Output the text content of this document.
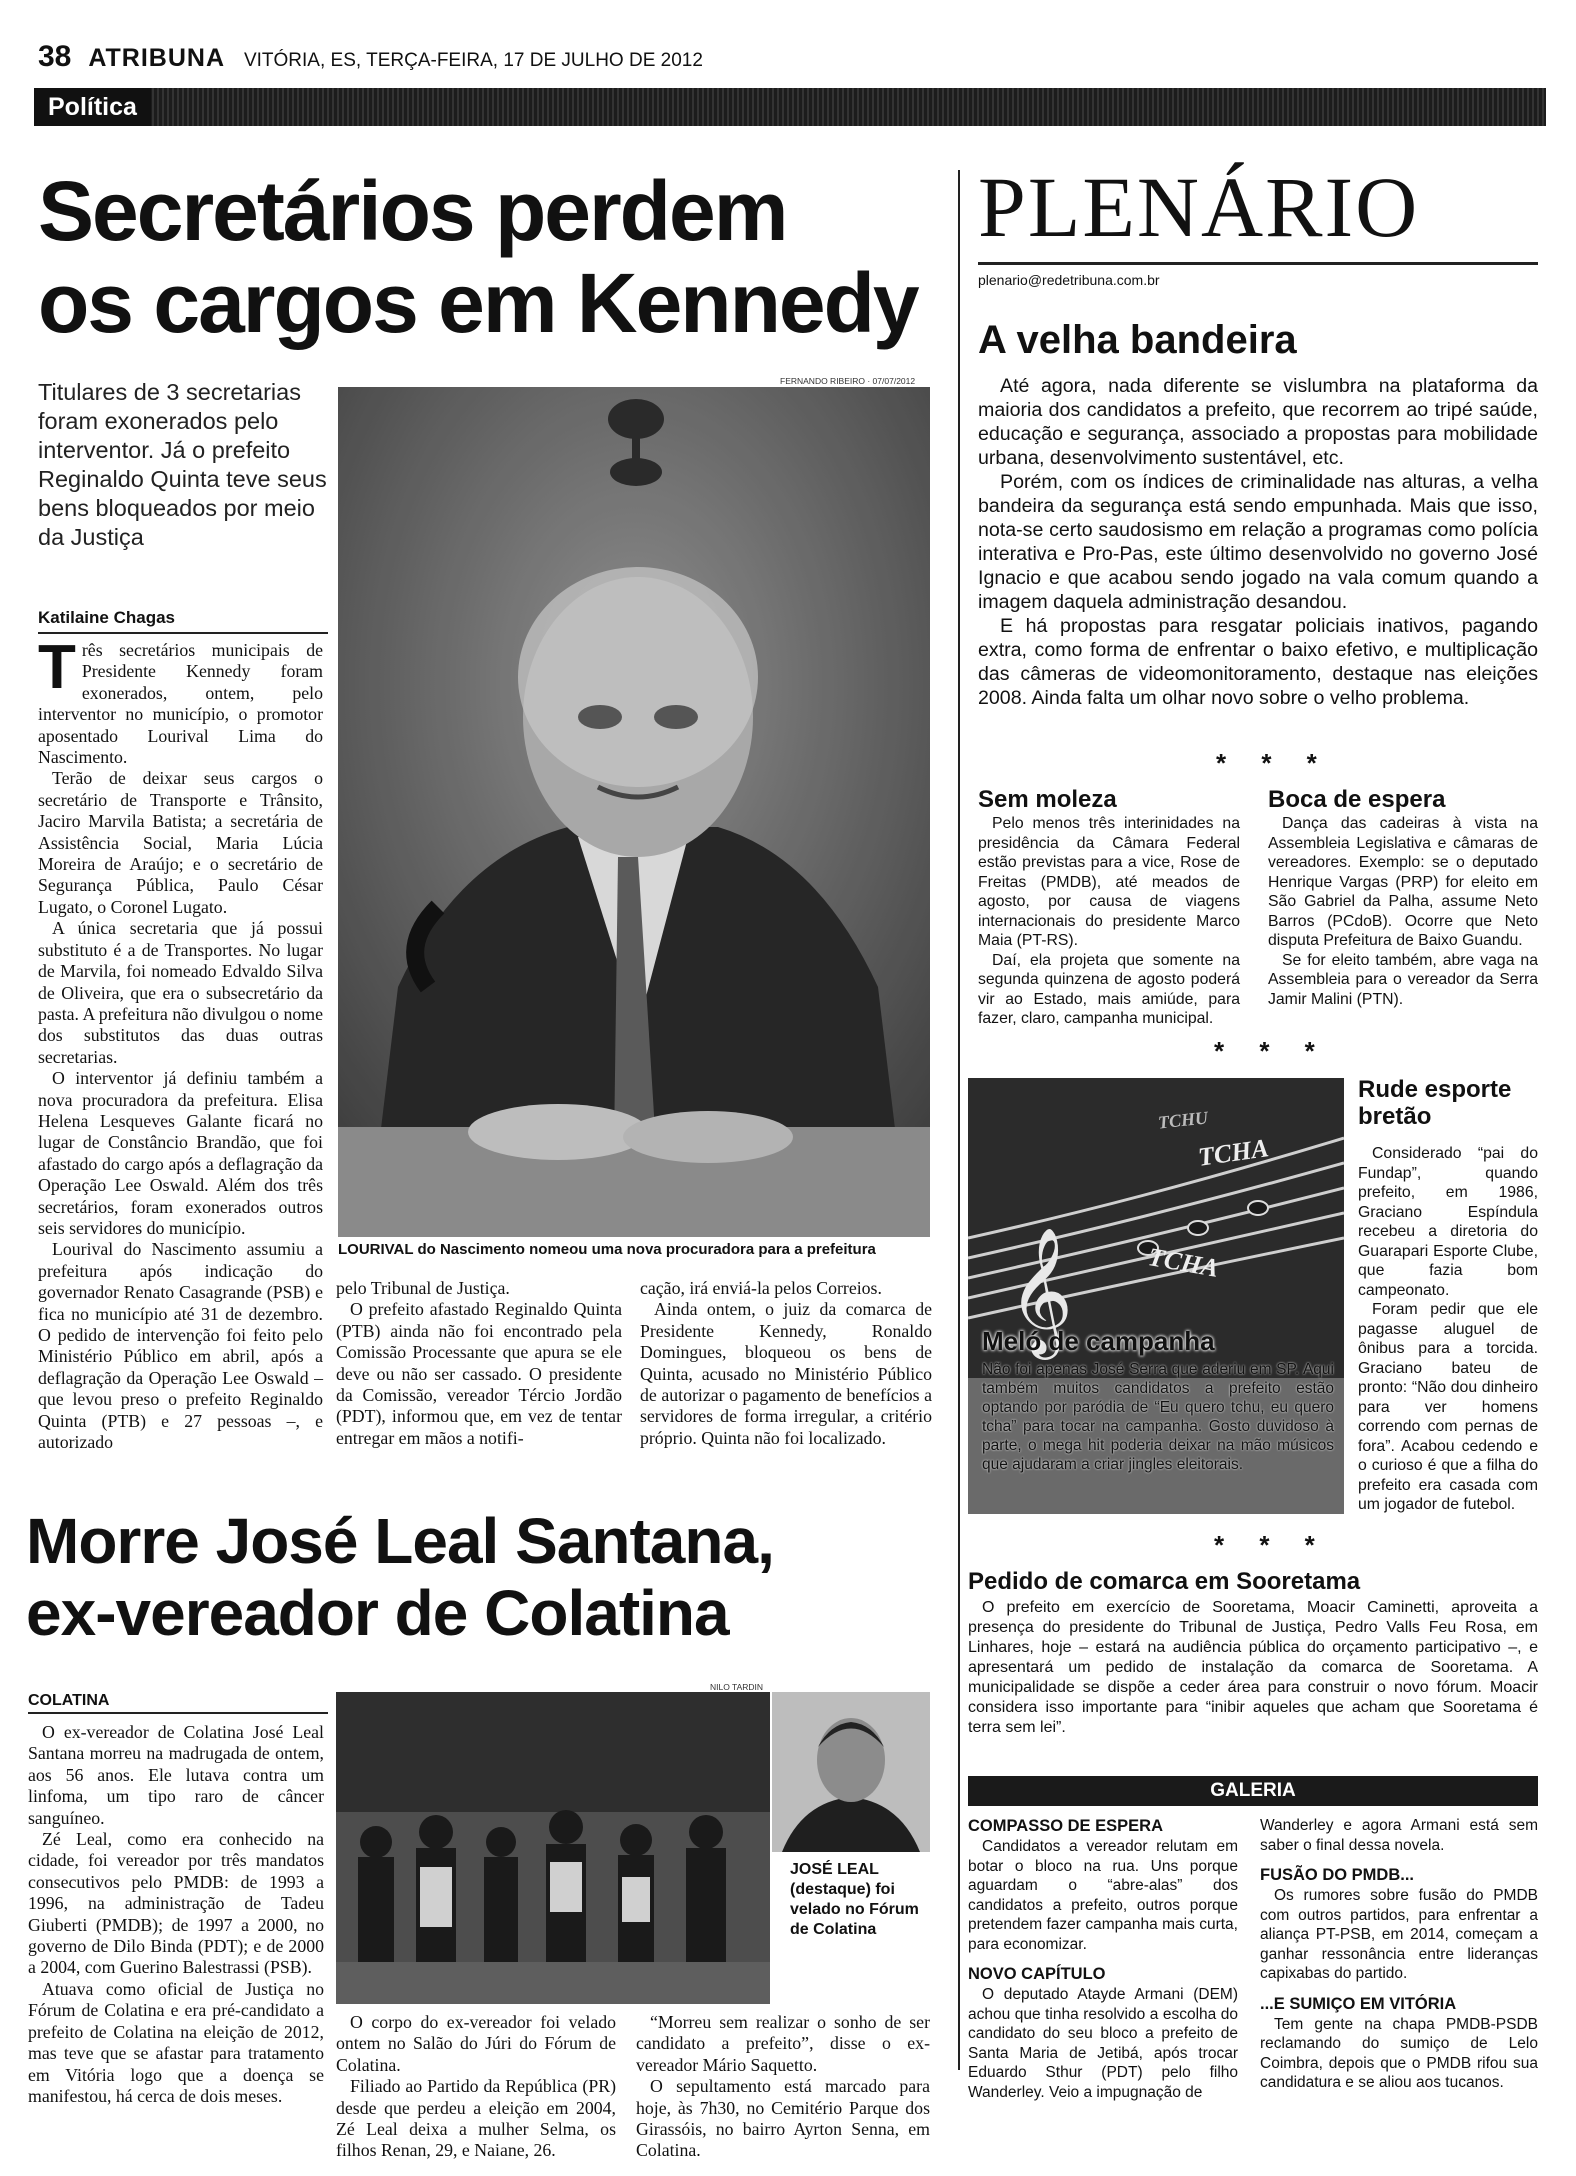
38 ATRIBUNA VITÓRIA, ES, TERÇA-FEIRA, 17 DE JULHO DE 2012
Política
Secretários perdem
os cargos em Kennedy
Titulares de 3 secretarias foram exonerados pelo interventor. Já o prefeito Reginaldo Quinta teve seus bens bloqueados por meio da Justiça
Katilaine Chagas
FERNANDO RIBEIRO · 07/07/2012
LOURIVAL do Nascimento nomeou uma nova procuradora para a prefeitura

Três secretários municipais de Presidente Kennedy foram exonerados, ontem, pelo interventor no município, o promotor aposentado Lourival Lima do Nascimento.

Terão de deixar seus cargos o secretário de Transporte e Trânsito, Jaciro Marvila Batista; a secretária de Assistência Social, Maria Lúcia Moreira de Araújo; e o secretário de Segurança Pública, Paulo César Lugato, o Coronel Lugato.

A única secretaria que já possui substituto é a de Transportes. No lugar de Marvila, foi nomeado Edvaldo Silva de Oliveira, que era o subsecretário da pasta. A prefeitura não divulgou o nome dos substitutos das duas outras secretarias.

O interventor já definiu também a nova procuradora da prefeitura. Elisa Helena Lesqueves Galante ficará no lugar de Constâncio Brandão, que foi afastado do cargo após a deflagração da Operação Lee Oswald. Além dos três secretários, foram exonerados outros seis servidores do município.

Lourival do Nascimento assumiu a prefeitura após indicação do governador Renato Casagrande (PSB) e fica no município até 31 de dezembro. O pedido de intervenção foi feito pelo Ministério Público em abril, após a deflagração da Operação Lee Oswald – que levou preso o prefeito Reginaldo Quinta (PTB) e 27 pessoas –, e autorizado

pelo Tribunal de Justiça.

O prefeito afastado Reginaldo Quinta (PTB) ainda não foi encontrado pela Comissão Processante que apura se ele deve ou não ser cassado. O presidente da Comissão, vereador Tércio Jordão (PDT), informou que, em vez de tentar entregar em mãos a notifi-

cação, irá enviá-la pelos Correios.

Ainda ontem, o juiz da comarca de Presidente Kennedy, Ronaldo Domingues, bloqueou os bens de Quinta, acusado no Ministério Público de autorizar o pagamento de benefícios a servidores de forma irregular, a critério próprio. Quinta não foi localizado.

Morre José Leal Santana,
ex-vereador de Colatina
COLATINA

O ex-vereador de Colatina José Leal Santana morreu na madrugada de ontem, aos 56 anos. Ele lutava contra um linfoma, um tipo raro de câncer sanguíneo.

Zé Leal, como era conhecido na cidade, foi vereador por três mandatos consecutivos pelo PMDB: de 1993 a 1996, na administração de Tadeu Giuberti (PMDB); de 1997 a 2000, no governo de Dilo Binda (PDT); e de 2000 a 2004, com Guerino Balestrassi (PSB).

Atuava como oficial de Justiça no Fórum de Colatina e era pré-candidato a prefeito de Colatina na eleição de 2012, mas teve que se afastar para tratamento em Vitória logo que a doença se manifestou, há cerca de dois meses.

NILO TARDIN
JOSÉ LEAL
(destaque) foi velado no Fórum de Colatina

O corpo do ex-vereador foi velado ontem no Salão do Júri do Fórum de Colatina.

Filiado ao Partido da República (PR) desde que perdeu a eleição em 2004, Zé Leal deixa a mulher Selma, os filhos Renan, 29, e Naiane, 26.

“Morreu sem realizar o sonho de ser candidato a prefeito”, disse o ex-vereador Mário Saquetto.

O sepultamento está marcado para hoje, às 7h30, no Cemitério Parque dos Girassóis, no bairro Ayrton Senna, em Colatina.

PLENÁRIO
plenario@redetribuna.com.br
A velha bandeira

Até agora, nada diferente se vislumbra na plataforma da maioria dos candidatos a prefeito, que recorrem ao tripé saúde, educação e segurança, associado a propostas para mobilidade urbana, desenvolvimento sustentável, etc.

Porém, com os índices de criminalidade nas alturas, a velha bandeira da segurança está sendo empunhada. Mais que isso, nota-se certo saudosismo em relação a programas como polícia interativa e Pro-Pas, este último desenvolvido no governo José Ignacio e que acabou sendo jogado na vala comum quando a imagem daquela administração desandou.

E há propostas para resgatar policiais inativos, pagando extra, como forma de enfrentar o baixo efetivo, e multiplicação das câmeras de videomonitoramento, destaque nas eleições 2008. Ainda falta um olhar novo sobre o velho problema.

* * *
Sem moleza

Pelo menos três interinidades na presidência da Câmara Federal estão previstas para a vice, Rose de Freitas (PMDB), até meados de agosto, por causa de viagens internacionais do presidente Marco Maia (PT-RS).

Daí, ela projeta que somente na segunda quinzena de agosto poderá vir ao Estado, mais amiúde, para fazer, claro, campanha municipal.

Boca de espera

Dança das cadeiras à vista na Assembleia Legislativa e câmaras de vereadores. Exemplo: se o deputado Henrique Vargas (PRP) for eleito em São Gabriel da Palha, assume Neto Barros (PCdoB). Ocorre que Neto disputa Prefeitura de Baixo Guandu.

Se for eleito também, abre vaga na Assembleia para o vereador da Serra Jamir Malini (PTN).

* * *
𝄞
TCHA
TCHA
TCHU
Meló de campanha
Não foi apenas José Serra que aderiu em SP. Aqui também muitos candidatos a prefeito estão optando por paródia de “Eu quero tchu, eu quero tcha” para tocar na campanha. Gosto duvidoso à parte, o mega hit poderia deixar na mão músicos que ajudaram a criar jingles eleitorais.
Rude esporte bretão

Considerado “pai do Fundap”, quando prefeito, em 1986, Graciano Espíndula recebeu a diretoria do Guarapari Esporte Clube, que fazia bom campeonato.

Foram pedir que ele pagasse aluguel de ônibus para a torcida. Graciano bateu de pronto: “Não dou dinheiro para ver homens correndo com pernas de fora”. Acabou cedendo e o curioso é que a filha do prefeito era casada com um jogador de futebol.

* * *
Pedido de comarca em Sooretama

O prefeito em exercício de Sooretama, Moacir Caminetti, aproveita a presença do presidente do Tribunal de Justiça, Pedro Valls Feu Rosa, em Linhares, hoje – estará na audiência pública do orçamento participativo –, e apresentará um pedido de instalação da comarca de Sooretama. A municipalidade se dispõe a ceder área para construir o novo fórum. Moacir considera isso importante para “inibir aqueles que acham que Sooretama é terra sem lei”.

GALERIA
COMPASSO DE ESPERA

Candidatos a vereador relutam em botar o bloco na rua. Uns porque aguardam o “abre-alas” dos candidatos a prefeito, outros porque pretendem fazer campanha mais curta, para economizar.

NOVO CAPÍTULO

O deputado Atayde Armani (DEM) achou que tinha resolvido a escolha do candidato do seu bloco a prefeito de Santa Maria de Jetibá, após trocar Eduardo Sthur (PDT) pelo filho Wanderley. Veio a impugnação de

Wanderley e agora Armani está sem saber o final dessa novela.

FUSÃO DO PMDB...

Os rumores sobre fusão do PMDB com outros partidos, para enfrentar a aliança PT-PSB, em 2014, começam a ganhar ressonância entre lideranças capixabas do partido.

...E SUMIÇO EM VITÓRIA

Tem gente na chapa PMDB-PSDB reclamando do sumiço de Lelo Coimbra, depois que o PMDB rifou sua candidatura e se aliou aos tucanos.
